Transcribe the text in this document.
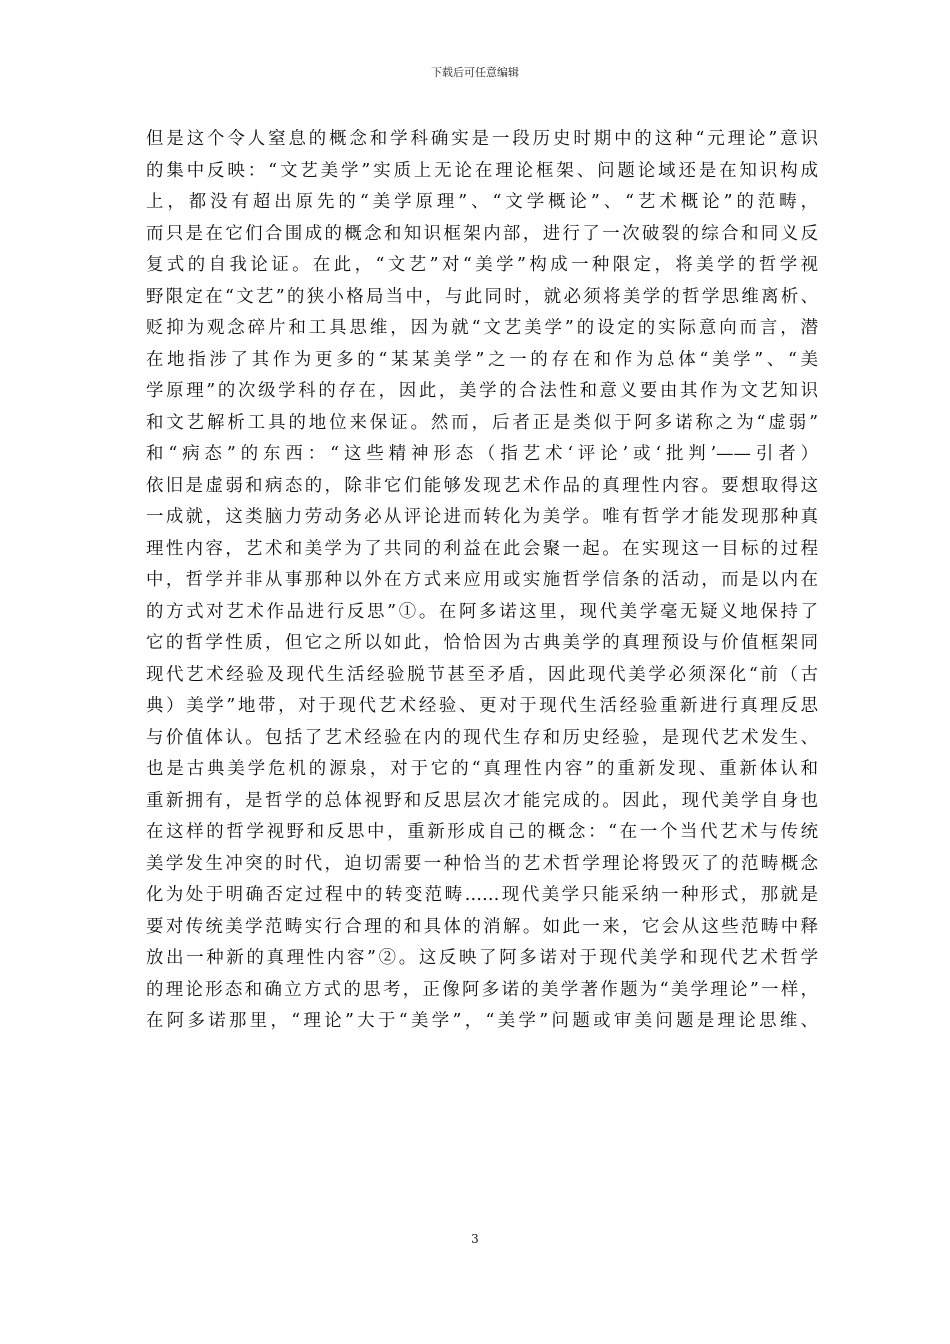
下载后可任意编辑
但是这个令人窒息的概念和学科确实是一段历史时期中的这种“元理论”意识
的集中反映：“文艺美学”实质上无论在理论框架、问题论域还是在知识构成
上，都没有超出原先的“美学原理”、“文学概论”、“艺术概论”的范畴，
而只是在它们合围成的概念和知识框架内部，进行了一次破裂的综合和同义反
复式的自我论证。在此，“文艺”对“美学”构成一种限定，将美学的哲学视
野限定在“文艺”的狭小格局当中，与此同时，就必须将美学的哲学思维离析、
贬抑为观念碎片和工具思维，因为就“文艺美学”的设定的实际意向而言，潜
在地指涉了其作为更多的“某某美学”之一的存在和作为总体“美学”、“美
学原理”的次级学科的存在，因此，美学的合法性和意义要由其作为文艺知识
和文艺解析工具的地位来保证。然而，后者正是类似于阿多诺称之为“虚弱”
和“病态”的东西：“这些精神形态（指艺术‘评论’或‘批判’——引者）
依旧是虚弱和病态的，除非它们能够发现艺术作品的真理性内容。要想取得这
一成就，这类脑力劳动务必从评论进而转化为美学。唯有哲学才能发现那种真
理性内容，艺术和美学为了共同的利益在此会聚一起。在实现这一目标的过程
中，哲学并非从事那种以外在方式来应用或实施哲学信条的活动，而是以内在
的方式对艺术作品进行反思”①。在阿多诺这里，现代美学毫无疑义地保持了
它的哲学性质，但它之所以如此，恰恰因为古典美学的真理预设与价值框架同
现代艺术经验及现代生活经验脱节甚至矛盾，因此现代美学必须深化“前（古
典）美学”地带，对于现代艺术经验、更对于现代生活经验重新进行真理反思
与价值体认。包括了艺术经验在内的现代生存和历史经验，是现代艺术发生、
也是古典美学危机的源泉，对于它的“真理性内容”的重新发现、重新体认和
重新拥有，是哲学的总体视野和反思层次才能完成的。因此，现代美学自身也
在这样的哲学视野和反思中，重新形成自己的概念：“在一个当代艺术与传统
美学发生冲突的时代，迫切需要一种恰当的艺术哲学理论将毁灭了的范畴概念
化为处于明确否定过程中的转变范畴……现代美学只能采纳一种形式，那就是
要对传统美学范畴实行合理的和具体的消解。如此一来，它会从这些范畴中释
放出一种新的真理性内容”②。这反映了阿多诺对于现代美学和现代艺术哲学
的理论形态和确立方式的思考，正像阿多诺的美学著作题为“美学理论”一样，
在阿多诺那里，“理论”大于“美学”，“美学”问题或审美问题是理论思维、
3
